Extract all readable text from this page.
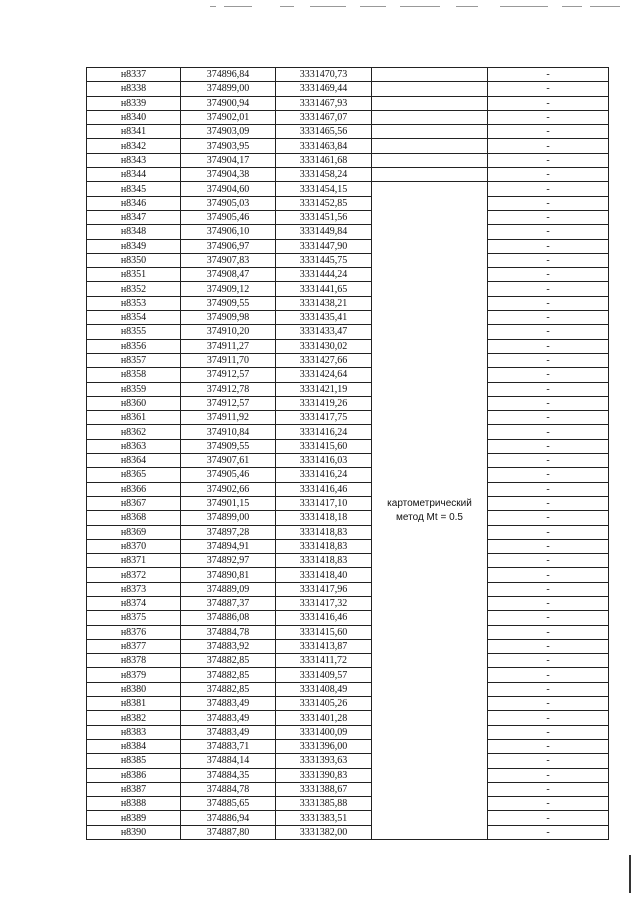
н8337	374896,84	3331470,73		-
н8338	374899,00	3331469,44		-
н8339	374900,94	3331467,93		-
н8340	374902,01	3331467,07		-
н8341	374903,09	3331465,56		-
н8342	374903,95	3331463,84		-
н8343	374904,17	3331461,68		-
н8344	374904,38	3331458,24		-
н8345	374904,60	3331454,15	картометрический метод Mt = 0.5	-
н8346	374905,03	3331452,85		-
н8347	374905,46	3331451,56		-
н8348	374906,10	3331449,84		-
н8349	374906,97	3331447,90		-
н8350	374907,83	3331445,75		-
н8351	374908,47	3331444,24		-
н8352	374909,12	3331441,65		-
н8353	374909,55	3331438,21		-
н8354	374909,98	3331435,41		-
н8355	374910,20	3331433,47		-
н8356	374911,27	3331430,02		-
н8357	374911,70	3331427,66		-
н8358	374912,57	3331424,64		-
н8359	374912,78	3331421,19		-
н8360	374912,57	3331419,26		-
н8361	374911,92	3331417,75		-
н8362	374910,84	3331416,24		-
н8363	374909,55	3331415,60		-
н8364	374907,61	3331416,03		-
н8365	374905,46	3331416,24		-
н8366	374902,66	3331416,46		-
н8367	374901,15	3331417,10		-
н8368	374899,00	3331418,18		-
н8369	374897,28	3331418,83		-
н8370	374894,91	3331418,83		-
н8371	374892,97	3331418,83		-
н8372	374890,81	3331418,40		-
н8373	374889,09	3331417,96		-
н8374	374887,37	3331417,32		-
н8375	374886,08	3331416,46		-
н8376	374884,78	3331415,60		-
н8377	374883,92	3331413,87		-
н8378	374882,85	3331411,72		-
н8379	374882,85	3331409,57		-
н8380	374882,85	3331408,49		-
н8381	374883,49	3331405,26		-
н8382	374883,49	3331401,28		-
н8383	374883,49	3331400,09		-
н8384	374883,71	3331396,00		-
н8385	374884,14	3331393,63		-
н8386	374884,35	3331390,83		-
н8387	374884,78	3331388,67		-
н8388	374885,65	3331385,88		-
н8389	374886,94	3331383,51		-
н8390	374887,80	3331382,00		-
